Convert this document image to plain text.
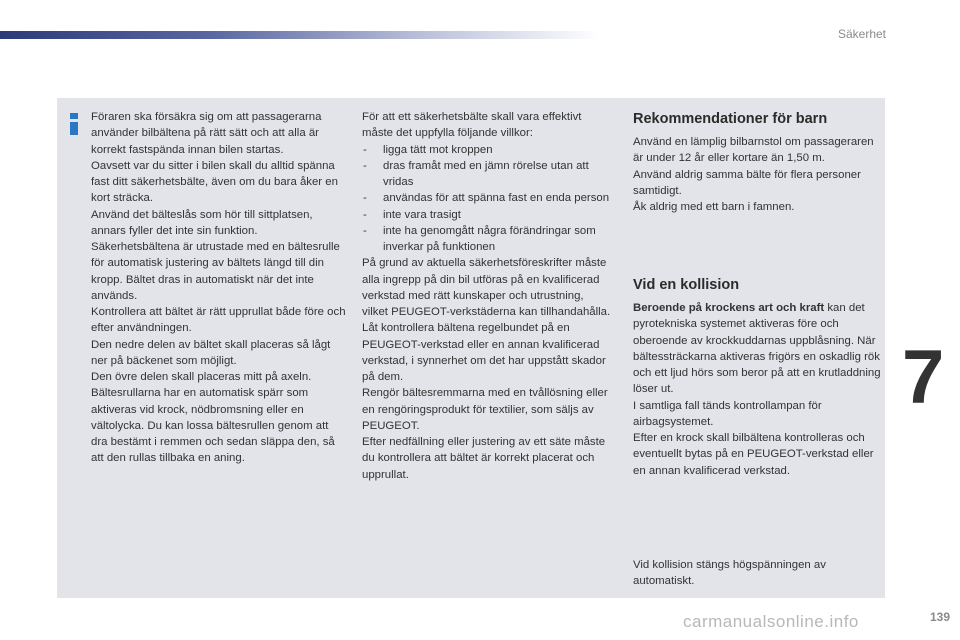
Säkerhet

Föraren ska försäkra sig om att passagerarna använder bilbältena på rätt sätt och att alla är korrekt fastspända innan bilen startas.

Oavsett var du sitter i bilen skall du alltid spänna fast ditt säkerhetsbälte, även om du bara åker en kort sträcka.

Använd det bälteslås som hör till sittplatsen, annars fyller det inte sin funktion.

Säkerhetsbältena är utrustade med en bältesrulle för automatisk justering av bältets längd till din kropp. Bältet dras in automatiskt när det inte används.

Kontrollera att bältet är rätt upprullat både före och efter användningen.

Den nedre delen av bältet skall placeras så lågt ner på bäckenet som möjligt.

Den övre delen skall placeras mitt på axeln.

Bältesrullarna har en automatisk spärr som aktiveras vid krock, nödbromsning eller en vältolycka. Du kan lossa bältesrullen genom att dra bestämt i remmen och sedan släppa den, så att den rullas tillbaka en aning.

För att ett säkerhetsbälte skall vara effektivt måste det uppfylla följande villkor:

- ligga tätt mot kroppen

- dras framåt med en jämn rörelse utan att vridas

- användas för att spänna fast en enda person

- inte vara trasigt

- inte ha genomgått några förändringar som inverkar på funktionen

På grund av aktuella säkerhetsföreskrifter måste alla ingrepp på din bil utföras på en kvalificerad verkstad med rätt kunskaper och utrustning, vilket PEUGEOT-verkstäderna kan tillhandahålla.

Låt kontrollera bältena regelbundet på en PEUGEOT-verkstad eller en annan kvalificerad verkstad, i synnerhet om det har uppstått skador på dem.

Rengör bältesremmarna med en tvållösning eller en rengöringsprodukt för textilier, som säljs av PEUGEOT.

Efter nedfällning eller justering av ett säte måste du kontrollera att bältet är korrekt placerat och upprullat.

Rekommendationer för barn

Använd en lämplig bilbarnstol om passageraren är under 12 år eller kortare än 1,50 m.

Använd aldrig samma bälte för flera personer samtidigt.

Åk aldrig med ett barn i famnen.

Vid en kollision

Beroende på krockens art och kraft kan det pyrotekniska systemet aktiveras före och oberoende av krockkuddarnas uppblåsning. När bältessträckarna aktiveras frigörs en oskadlig rök och ett ljud hörs som beror på att en krutladdning löser ut.

I samtliga fall tänds kontrollampan för airbagsystemet.

Efter en krock skall bilbältena kontrolleras och eventuellt bytas på en PEUGEOT-verkstad eller en annan kvalificerad verkstad.

Vid kollision stängs högspänningen av automatiskt.
7
carmanualsonline.info	139
